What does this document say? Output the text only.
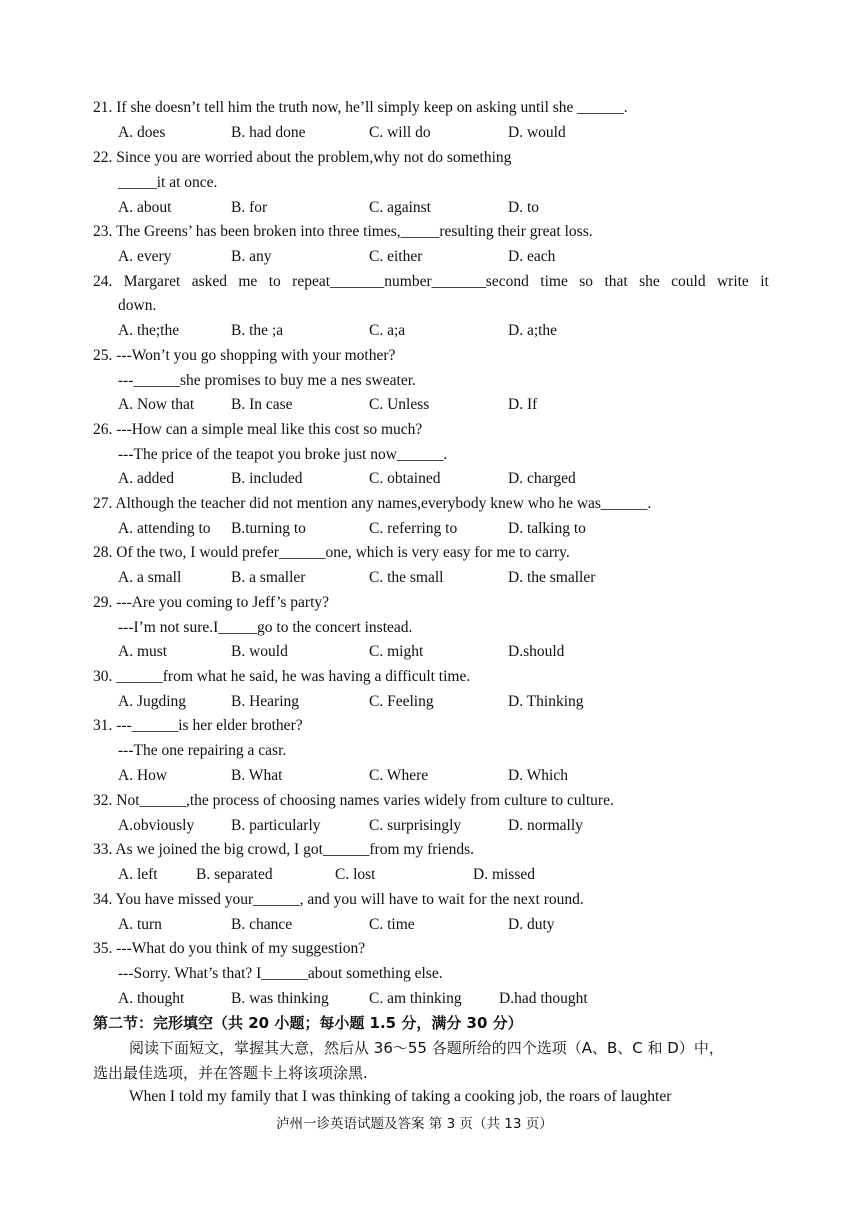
21. If she doesn’t tell him the truth now, he’ll simply keep on asking until she ______.
A. does	B. had done	C. will do	D. would
22. Since you are worried about the problem,why not do something
_____it at once.
A. about	B. for	C. against	D. to
23. The Greens’ has been broken into three times,_____resulting their great loss.
A. every	B. any	C. either	D. each
24. Margaret asked me to repeat_______number_______second time so that she could write it
down.
A. the;the	B. the ;a	C. a;a	D. a;the
25. ---Won’t you go shopping with your mother?
---______she promises to buy me a nes sweater.
A. Now that B. In case	C. Unless	D. If
26. ---How can a simple meal like this cost so much?
---The price of the teapot you broke just now______.
A. added	B. included	C. obtained	D. charged
27. Although the teacher did not mention any names,everybody knew who he was______.
A. attending to B.turning to	C. referring to	D. talking to
28. Of the two, I would prefer______one, which is very easy for me to carry.
A. a small	B. a smaller	C. the small	D. the smaller
29. ---Are you coming to Jeff’s party?
---I’m not sure.I_____go to the concert instead.
A. must	B. would	C. might	D.should
30. ______from what he said, he was having a difficult time.
A. Jugding	B. Hearing	C. Feeling	D. Thinking
31. ---______is her elder brother?
---The one repairing a casr.
A. How	B. What	C. Where	D. Which
32. Not______,the process of choosing names varies widely from culture to culture.
A.obviously B. particularly	C. surprisingly	D. normally
33. As we joined the big crowd, I got______from my friends.
A. left B. separated	C. lost	D. missed
34. You have missed your______, and you will have to wait for the next round.
A. turn	B. chance	C. time	D. duty
35. ---What do you think of my suggestion?
---Sorry. What’s that? I______about something else.
A. thought	B. was thinking	C. am thinking D.had thought
第二节：完形填空（共 20 小题；每小题 1.5 分，满分 30 分）
阅读下面短文，掌握其大意，然后从 36～55 各题所给的四个选项（A、B、C 和 D）中，
选出最佳选项，并在答题卡上将该项涂黑.
When I told my family that I was thinking of taking a cooking job, the roars of laughter
泸州一诊英语试题及答案 第 3 页（共 13 页）
